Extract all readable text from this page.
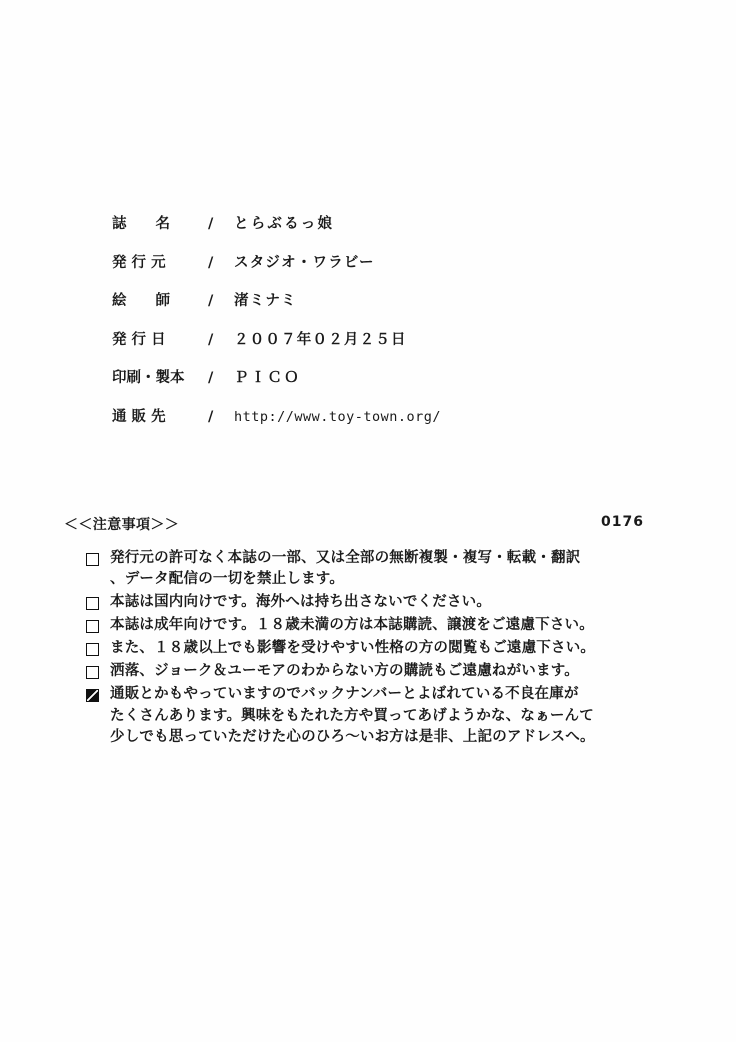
誌　　名	/	とらぶるっ娘
発 行 元	/	スタジオ・ワラビー
絵　　師	/	渚ミナミ
発 行 日	/	２００７年０２月２５日
印刷・製本	/	ＰＩＣＯ
通 販 先	/	http://www.toy-town.org/
＜＜注意事項＞＞	0176
発行元の許可なく本誌の一部、又は全部の無断複製・複写・転載・翻訳
、データ配信の一切を禁止します。
本誌は国内向けです。海外へは持ち出さないでください。
本誌は成年向けです。１８歳未満の方は本誌購読、譲渡をご遠慮下さい。
また、１８歳以上でも影響を受けやすい性格の方の閲覧もご遠慮下さい。
洒落、ジョーク＆ユーモアのわからない方の購読もご遠慮ねがいます。
通販とかもやっていますのでバックナンバーとよばれている不良在庫が
たくさんあります。興味をもたれた方や買ってあげようかな、なぁーんて
少しでも思っていただけた心のひろ～いお方は是非、上記のアドレスへ。
